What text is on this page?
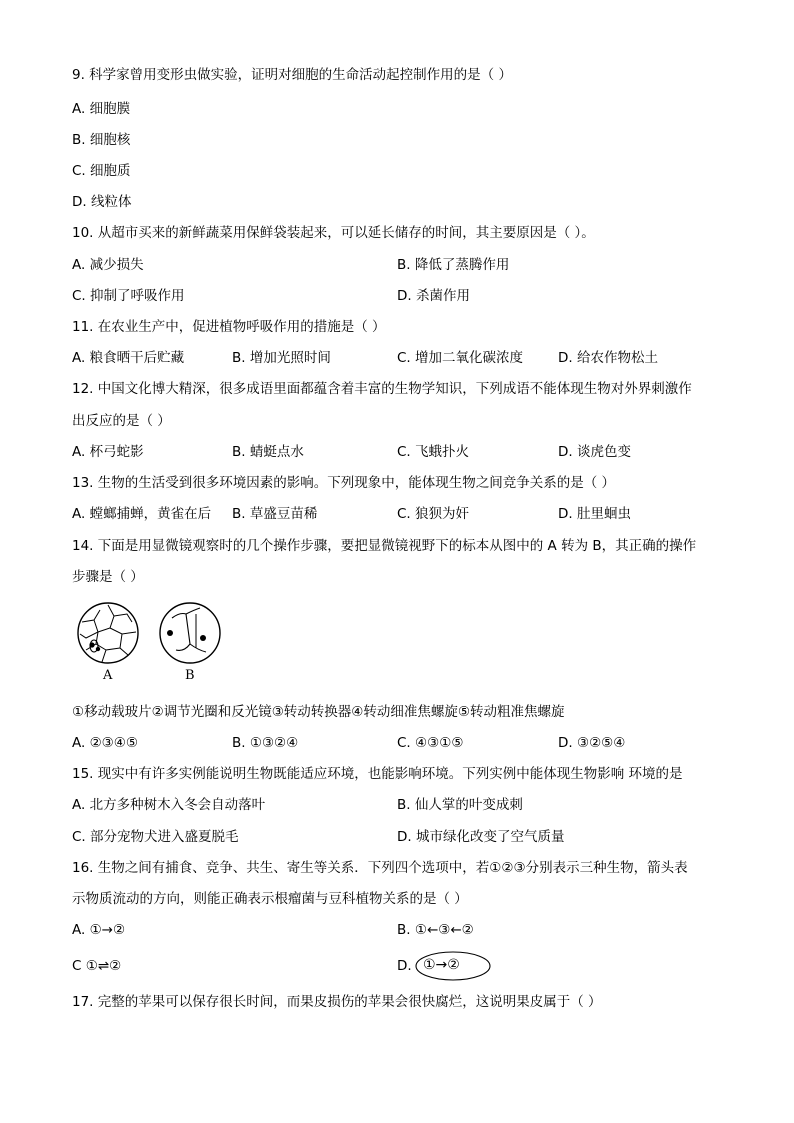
9. 科学家曾用变形虫做实验，证明对细胞的生命活动起控制作用的是（ ）
A. 细胞膜
B. 细胞核
C. 细胞质
D. 线粒体
10. 从超市买来的新鲜蔬菜用保鲜袋装起来，可以延长储存的时间，其主要原因是（ ）。
A. 减少损失	B. 降低了蒸腾作用
C. 抑制了呼吸作用	D. 杀菌作用
11. 在农业生产中，促进植物呼吸作用的措施是（ ）
A. 粮食晒干后贮藏	B. 增加光照时间	C. 增加二氧化碳浓度	D. 给农作物松土
12. 中国文化博大精深，很多成语里面都蕴含着丰富的生物学知识，下列成语不能体现生物对外界刺激作
出反应的是（ ）
A. 杯弓蛇影	B. 蜻蜓点水	C. 飞蛾扑火	D. 谈虎色变
13. 生物的生活受到很多环境因素的影响。下列现象中，能体现生物之间竞争关系的是（ ）
A. 螳螂捕蝉，黄雀在后 B. 草盛豆苗稀	C. 狼狈为奸	D. 肚里蛔虫
14. 下面是用显微镜观察时的几个操作步骤，要把显微镜视野下的标本从图中的 A 转为 B，其正确的操作
步骤是（ ）
A	B
①移动载玻片②调节光圈和反光镜③转动转换器④转动细准焦螺旋⑤转动粗准焦螺旋
A. ②③④⑤	B. ①③②④	C. ④③①⑤	D. ③②⑤④
15. 现实中有许多实例能说明生物既能适应环境，也能影响环境。下列实例中能体现生物影响 环境的是
A. 北方多种树木入冬会自动落叶	B. 仙人掌的叶变成刺
C. 部分宠物犬进入盛夏脱毛	D. 城市绿化改变了空气质量
16. 生物之间有捕食、竞争、共生、寄生等关系．下列四个选项中，若①②③分别表示三种生物，箭头表
示物质流动的方向，则能正确表示根瘤菌与豆科植物关系的是（ ）
A. ①→②	B. ①←③←②
C ①⇌②	D. ①→②
17. 完整的苹果可以保存很长时间，而果皮损伤的苹果会很快腐烂，这说明果皮属于（ ）
